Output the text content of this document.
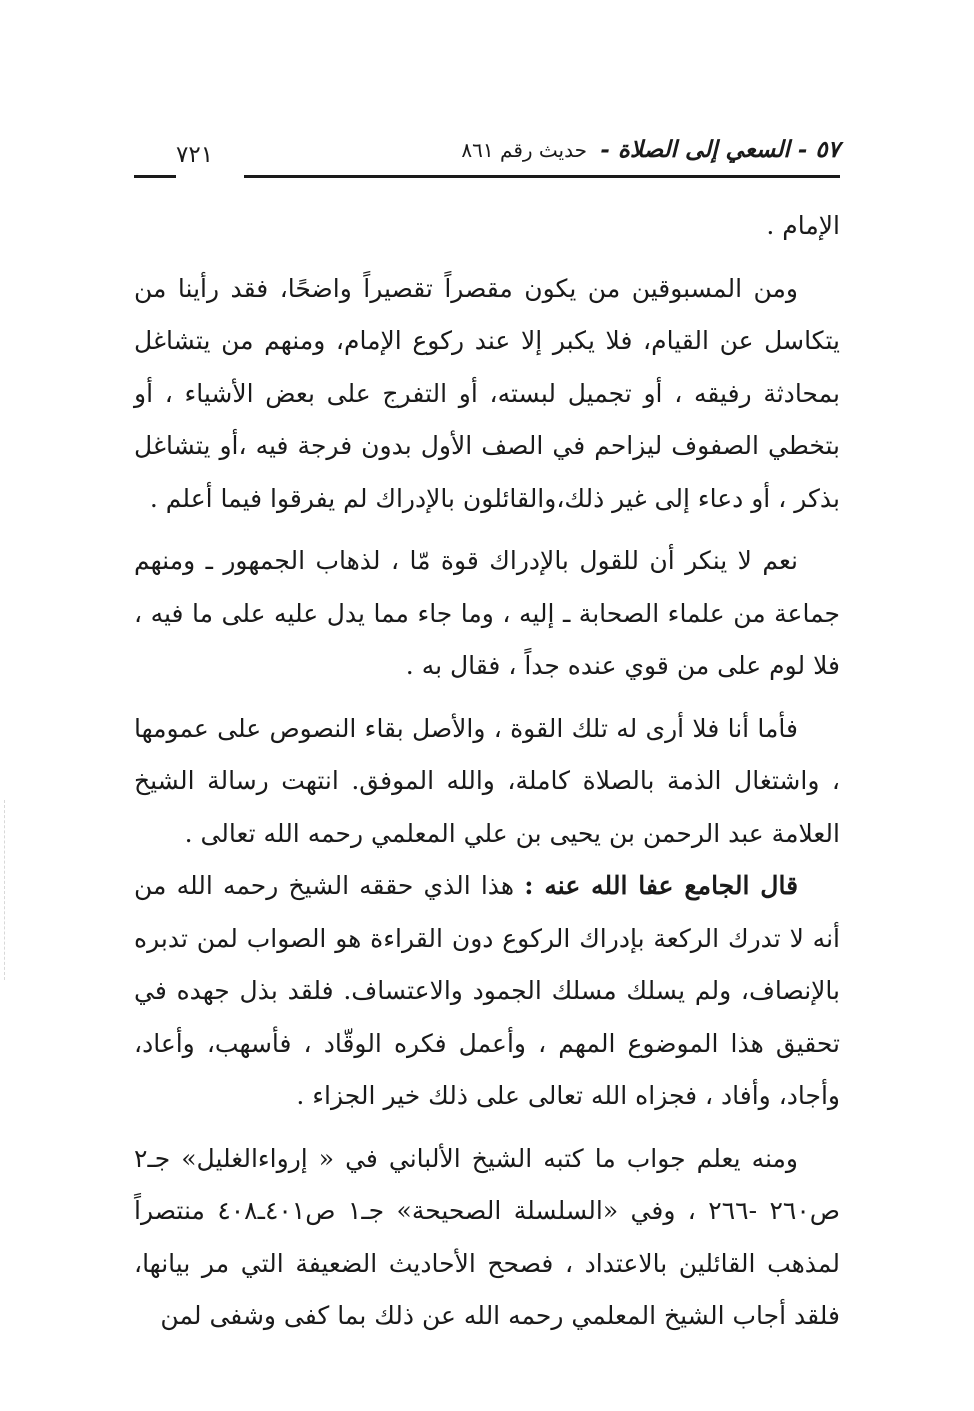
٥٧ - السعي إلى الصلاة - حديث رقم ٨٦١
٧٢١

الإمام .

ومن المسبوقين من يكون مقصراً تقصيراً واضحًا، فقد رأينا من يتكاسل عن القيام، فلا يكبر إلا عند ركوع الإمام، ومنهم من يتشاغل بمحادثة رفيقه ، أو تجميل لبسته، أو التفرج على بعض الأشياء ، أو بتخطي الصفوف ليزاحم في الصف الأول بدون فرجة فيه ،أو يتشاغل بذكر ، أو دعاء إلى غير ذلك،والقائلون بالإدراك لم يفرقوا فيما أعلم .

نعم لا ينكر أن للقول بالإدراك قوة مّا ، لذهاب الجمهور ـ ومنهم جماعة من علماء الصحابة ـ إليه ، وما جاء مما يدل عليه على ما فيه ، فلا لوم على من قوي عنده جداً ، فقال به .

فأما أنا فلا أرى له تلك القوة ، والأصل بقاء النصوص على عمومها ، واشتغال الذمة بالصلاة كاملة، والله الموفق. انتهت رسالة الشيخ العلامة عبد الرحمن بن يحيى بن علي المعلمي رحمه الله تعالى .

قال الجامع عفا الله عنه : هذا الذي حققه الشيخ رحمه الله من أنه لا تدرك الركعة بإدراك الركوع دون القراءة هو الصواب لمن تدبره بالإنصاف، ولم يسلك مسلك الجمود والاعتساف. فلقد بذل جهده في تحقيق هذا الموضوع المهم ، وأعمل فكره الوقّاد ، فأسهب، وأعاد، وأجاد، وأفاد ، فجزاه الله تعالى على ذلك خير الجزاء .

ومنه يعلم جواب ما كتبه الشيخ الألباني في « إرواءالغليل» جـ٢ ص٢٦٠ -٢٦٦ ، وفي «السلسلة الصحيحة» جـ١ ص٤٠١ـ٤٠٨ منتصراً لمذهب القائلين بالاعتداد ، فصحح الأحاديث الضعيفة التي مر بيانها، فلقد أجاب الشيخ المعلمي رحمه الله عن ذلك بما كفى وشفى لمن
